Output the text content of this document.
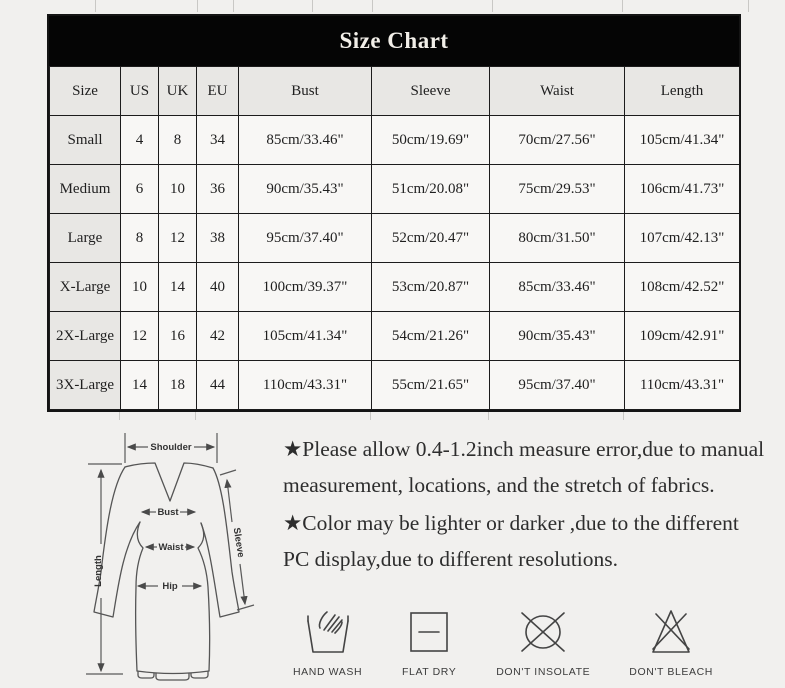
Size Chart
Size	US	UK	EU	Bust	Sleeve	Waist	Length
Small	4	8	34	85cm/33.46"	50cm/19.69"	70cm/27.56"	105cm/41.34"
Medium	6	10	36	90cm/35.43"	51cm/20.08"	75cm/29.53"	106cm/41.73"
Large	8	12	38	95cm/37.40"	52cm/20.47"	80cm/31.50"	107cm/42.13"
X-Large	10	14	40	100cm/39.37"	53cm/20.87"	85cm/33.46"	108cm/42.52"
2X-Large	12	16	42	105cm/41.34"	54cm/21.26"	90cm/35.43"	109cm/42.91"
3X-Large	14	18	44	110cm/43.31"	55cm/21.65"	95cm/37.40"	110cm/43.31"
Shoulder
Bust
Waist
Hip
Length
Sleeve

★Please allow 0.4-1.2inch measure error,due to manual measurement, locations, and the stretch of fabrics.

★Color may be lighter or darker ,due to the different PC display,due to different resolutions.

HAND WASH	FLAT DRY	DON'T INSOLATE	DON'T BLEACH
